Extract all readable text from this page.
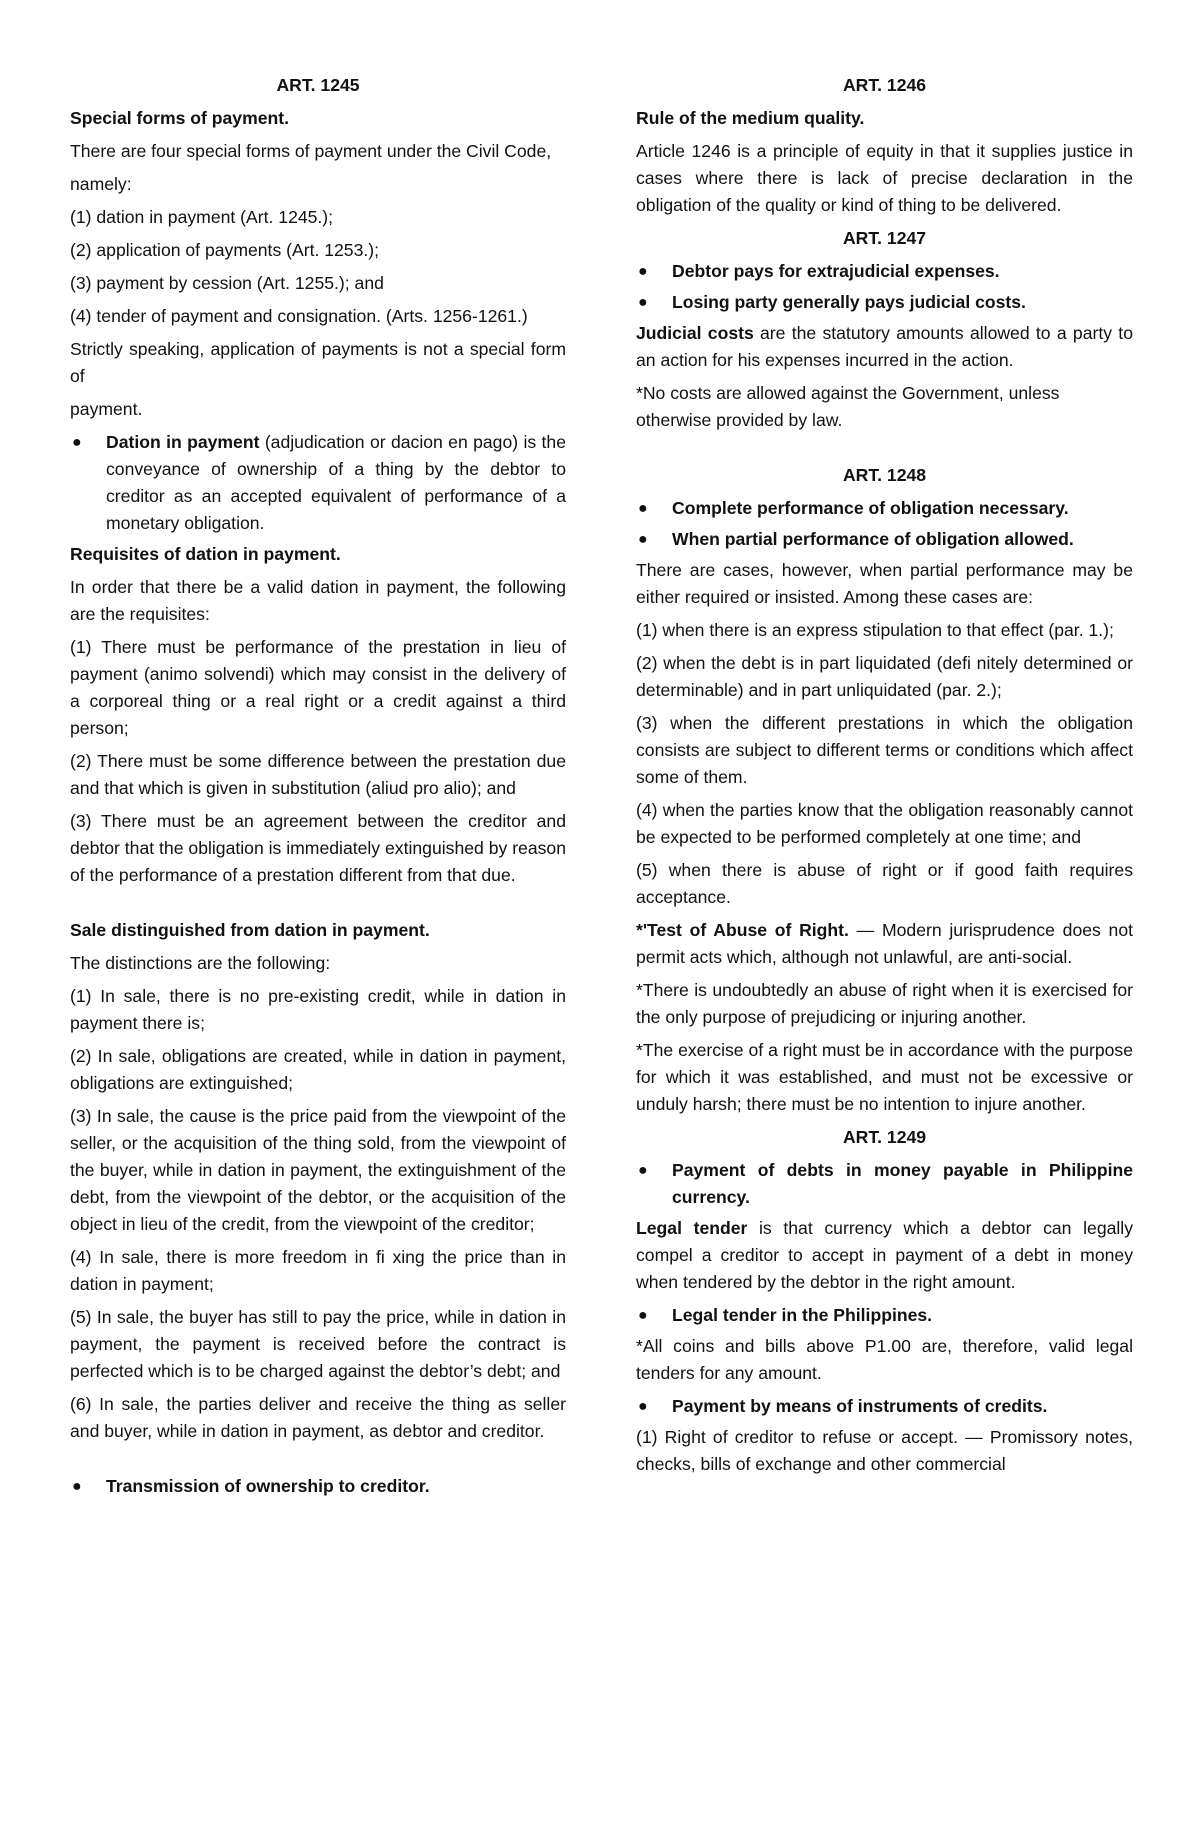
ART. 1245
Special forms of payment.

There are four special forms of payment under the Civil Code,

namely:

(1) dation in payment (Art. 1245.);

(2) application of payments (Art. 1253.);

(3) payment by cession (Art. 1255.); and

(4) tender of payment and consignation. (Arts. 1256-1261.)

Strictly speaking, application of payments is not a special form of

payment.

● Dation in payment (adjudication or dacion en pago) is the conveyance of ownership of a thing by the debtor to creditor as an accepted equivalent of performance of a monetary obligation.
Requisites of dation in payment.

In order that there be a valid dation in payment, the following are the requisites:

(1) There must be performance of the prestation in lieu of payment (animo solvendi) which may consist in the delivery of a corporeal thing or a real right or a credit against a third person;

(2) There must be some difference between the prestation due and that which is given in substitution (aliud pro alio); and

(3) There must be an agreement between the creditor and debtor that the obligation is immediately extinguished by reason of the performance of a prestation different from that due.

Sale distinguished from dation in payment.

The distinctions are the following:

(1) In sale, there is no pre-existing credit, while in dation in payment there is;

(2) In sale, obligations are created, while in dation in payment, obligations are extinguished;

(3) In sale, the cause is the price paid from the viewpoint of the seller, or the acquisition of the thing sold, from the viewpoint of the buyer, while in dation in payment, the extinguishment of the debt, from the viewpoint of the debtor, or the acquisition of the object in lieu of the credit, from the viewpoint of the creditor;

(4) In sale, there is more freedom in fi xing the price than in dation in payment;

(5) In sale, the buyer has still to pay the price, while in dation in payment, the payment is received before the contract is perfected which is to be charged against the debtor’s debt; and

(6) In sale, the parties deliver and receive the thing as seller and buyer, while in dation in payment, as debtor and creditor.

● Transmission of ownership to creditor.
ART. 1246
Rule of the medium quality.

Article 1246 is a principle of equity in that it supplies justice in cases where there is lack of precise declaration in the obligation of the quality or kind of thing to be delivered.

ART. 1247
● Debtor pays for extrajudicial expenses.
● Losing party generally pays judicial costs.

Judicial costs are the statutory amounts allowed to a party to an action for his expenses incurred in the action.

*No costs are allowed against the Government, unless otherwise provided by law.

ART. 1248
● Complete performance of obligation necessary.
● When partial performance of obligation allowed.

There are cases, however, when partial performance may be either required or insisted. Among these cases are:

(1) when there is an express stipulation to that effect (par. 1.);

(2) when the debt is in part liquidated (defi nitely determined or determinable) and in part unliquidated (par. 2.);

(3) when the different prestations in which the obligation consists are subject to different terms or conditions which affect some of them.

(4) when the parties know that the obligation reasonably cannot be expected to be performed completely at one time; and

(5) when there is abuse of right or if good faith requires acceptance.

*'Test of Abuse of Right. — Modern jurisprudence does not permit acts which, although not unlawful, are anti-social.

*There is undoubtedly an abuse of right when it is exercised for the only purpose of prejudicing or injuring another.

*The exercise of a right must be in accordance with the purpose for which it was established, and must not be excessive or unduly harsh; there must be no intention to injure another.

ART. 1249
● Payment of debts in money payable in Philippine currency.

Legal tender is that currency which a debtor can legally compel a creditor to accept in payment of a debt in money when tendered by the debtor in the right amount.

● Legal tender in the Philippines.

*All coins and bills above P1.00 are, therefore, valid legal tenders for any amount.

● Payment by means of instruments of credits.

(1) Right of creditor to refuse or accept. — Promissory notes, checks, bills of exchange and other commercial
